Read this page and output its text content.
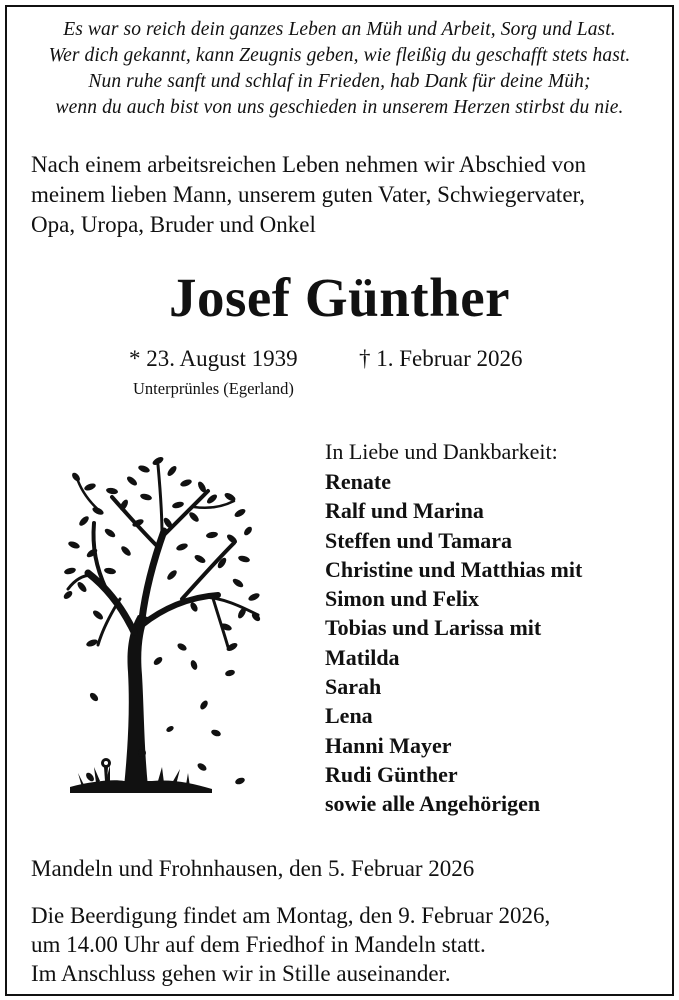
Es war so reich dein ganzes Leben an Müh und Arbeit, Sorg und Last.
Wer dich gekannt, kann Zeugnis geben, wie fleißig du geschafft stets hast.
Nun ruhe sanft und schlaf in Frieden, hab Dank für deine Müh;
wenn du auch bist von uns geschieden in unserem Herzen stirbst du nie.
Nach einem arbeitsreichen Leben nehmen wir Abschied von
meinem lieben Mann, unserem guten Vater, Schwiegervater,
Opa, Uropa, Bruder und Onkel
Josef Günther
* 23. August 1939	† 1. Februar 2026
Unterprünles (Egerland)
In Liebe und Dankbarkeit:
Renate
Ralf und Marina
Steffen und Tamara
Christine und Matthias mit
Simon und Felix
Tobias und Larissa mit
Matilda
Sarah
Lena
Hanni Mayer
Rudi Günther
sowie alle Angehörigen
Mandeln und Frohnhausen, den 5. Februar 2026
Die Beerdigung findet am Montag, den 9. Februar 2026,
um 14.00 Uhr auf dem Friedhof in Mandeln statt.
Im Anschluss gehen wir in Stille auseinander.
